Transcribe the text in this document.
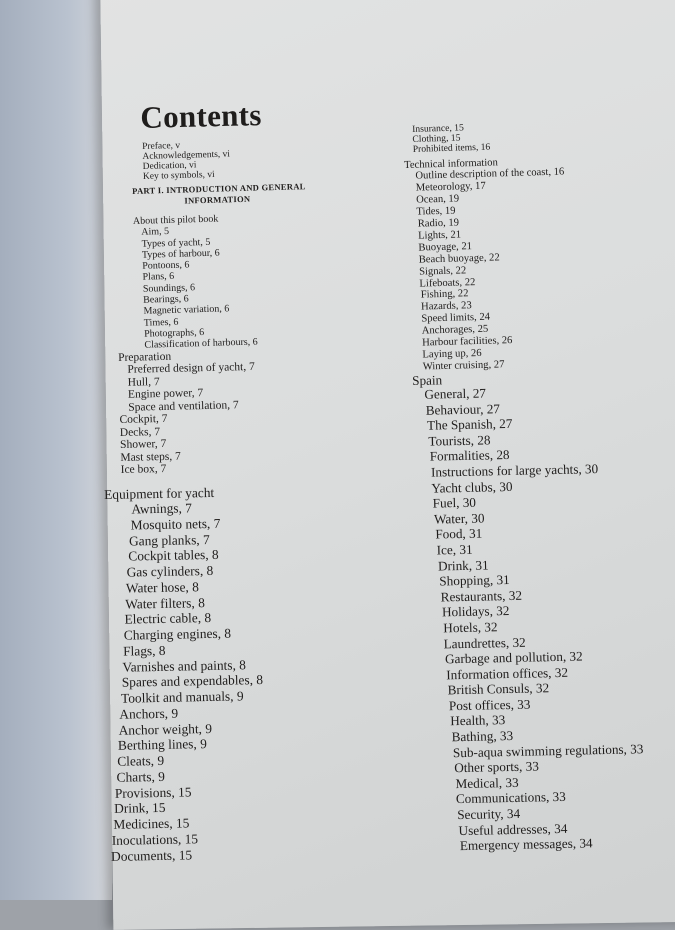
Contents
Preface, v
Acknowledgements, vi
Dedication, vi
Key to symbols, vi
PART I. INTRODUCTION AND GENERAL
INFORMATION
About this pilot book
Aim, 5
Types of yacht, 5
Types of harbour, 6
Pontoons, 6
Plans, 6
Soundings, 6
Bearings, 6
Magnetic variation, 6
Times, 6
Photographs, 6
Classification of harbours, 6
Preparation
Preferred design of yacht, 7
Hull, 7
Engine power, 7
Space and ventilation, 7
Cockpit, 7
Decks, 7
Shower, 7
Mast steps, 7
Ice box, 7
Equipment for yacht
Awnings, 7
Mosquito nets, 7
Gang planks, 7
Cockpit tables, 8
Gas cylinders, 8
Water hose, 8
Water filters, 8
Electric cable, 8
Charging engines, 8
Flags, 8
Varnishes and paints, 8
Spares and expendables, 8
Toolkit and manuals, 9
Anchors, 9
Anchor weight, 9
Berthing lines, 9
Cleats, 9
Charts, 9
Provisions, 15
Drink, 15
Medicines, 15
Inoculations, 15
Documents, 15
Insurance, 15
Clothing, 15
Prohibited items, 16
Technical information
Outline description of the coast, 16
Meteorology, 17
Ocean, 19
Tides, 19
Radio, 19
Lights, 21
Buoyage, 21
Beach buoyage, 22
Signals, 22
Lifeboats, 22
Fishing, 22
Hazards, 23
Speed limits, 24
Anchorages, 25
Harbour facilities, 26
Laying up, 26
Winter cruising, 27
Spain
General, 27
Behaviour, 27
The Spanish, 27
Tourists, 28
Formalities, 28
Instructions for large yachts, 30
Yacht clubs, 30
Fuel, 30
Water, 30
Food, 31
Ice, 31
Drink, 31
Shopping, 31
Restaurants, 32
Holidays, 32
Hotels, 32
Laundrettes, 32
Garbage and pollution, 32
Information offices, 32
British Consuls, 32
Post offices, 33
Health, 33
Bathing, 33
Sub-aqua swimming regulations, 33
Other sports, 33
Medical, 33
Communications, 33
Security, 34
Useful addresses, 34
Emergency messages, 34
